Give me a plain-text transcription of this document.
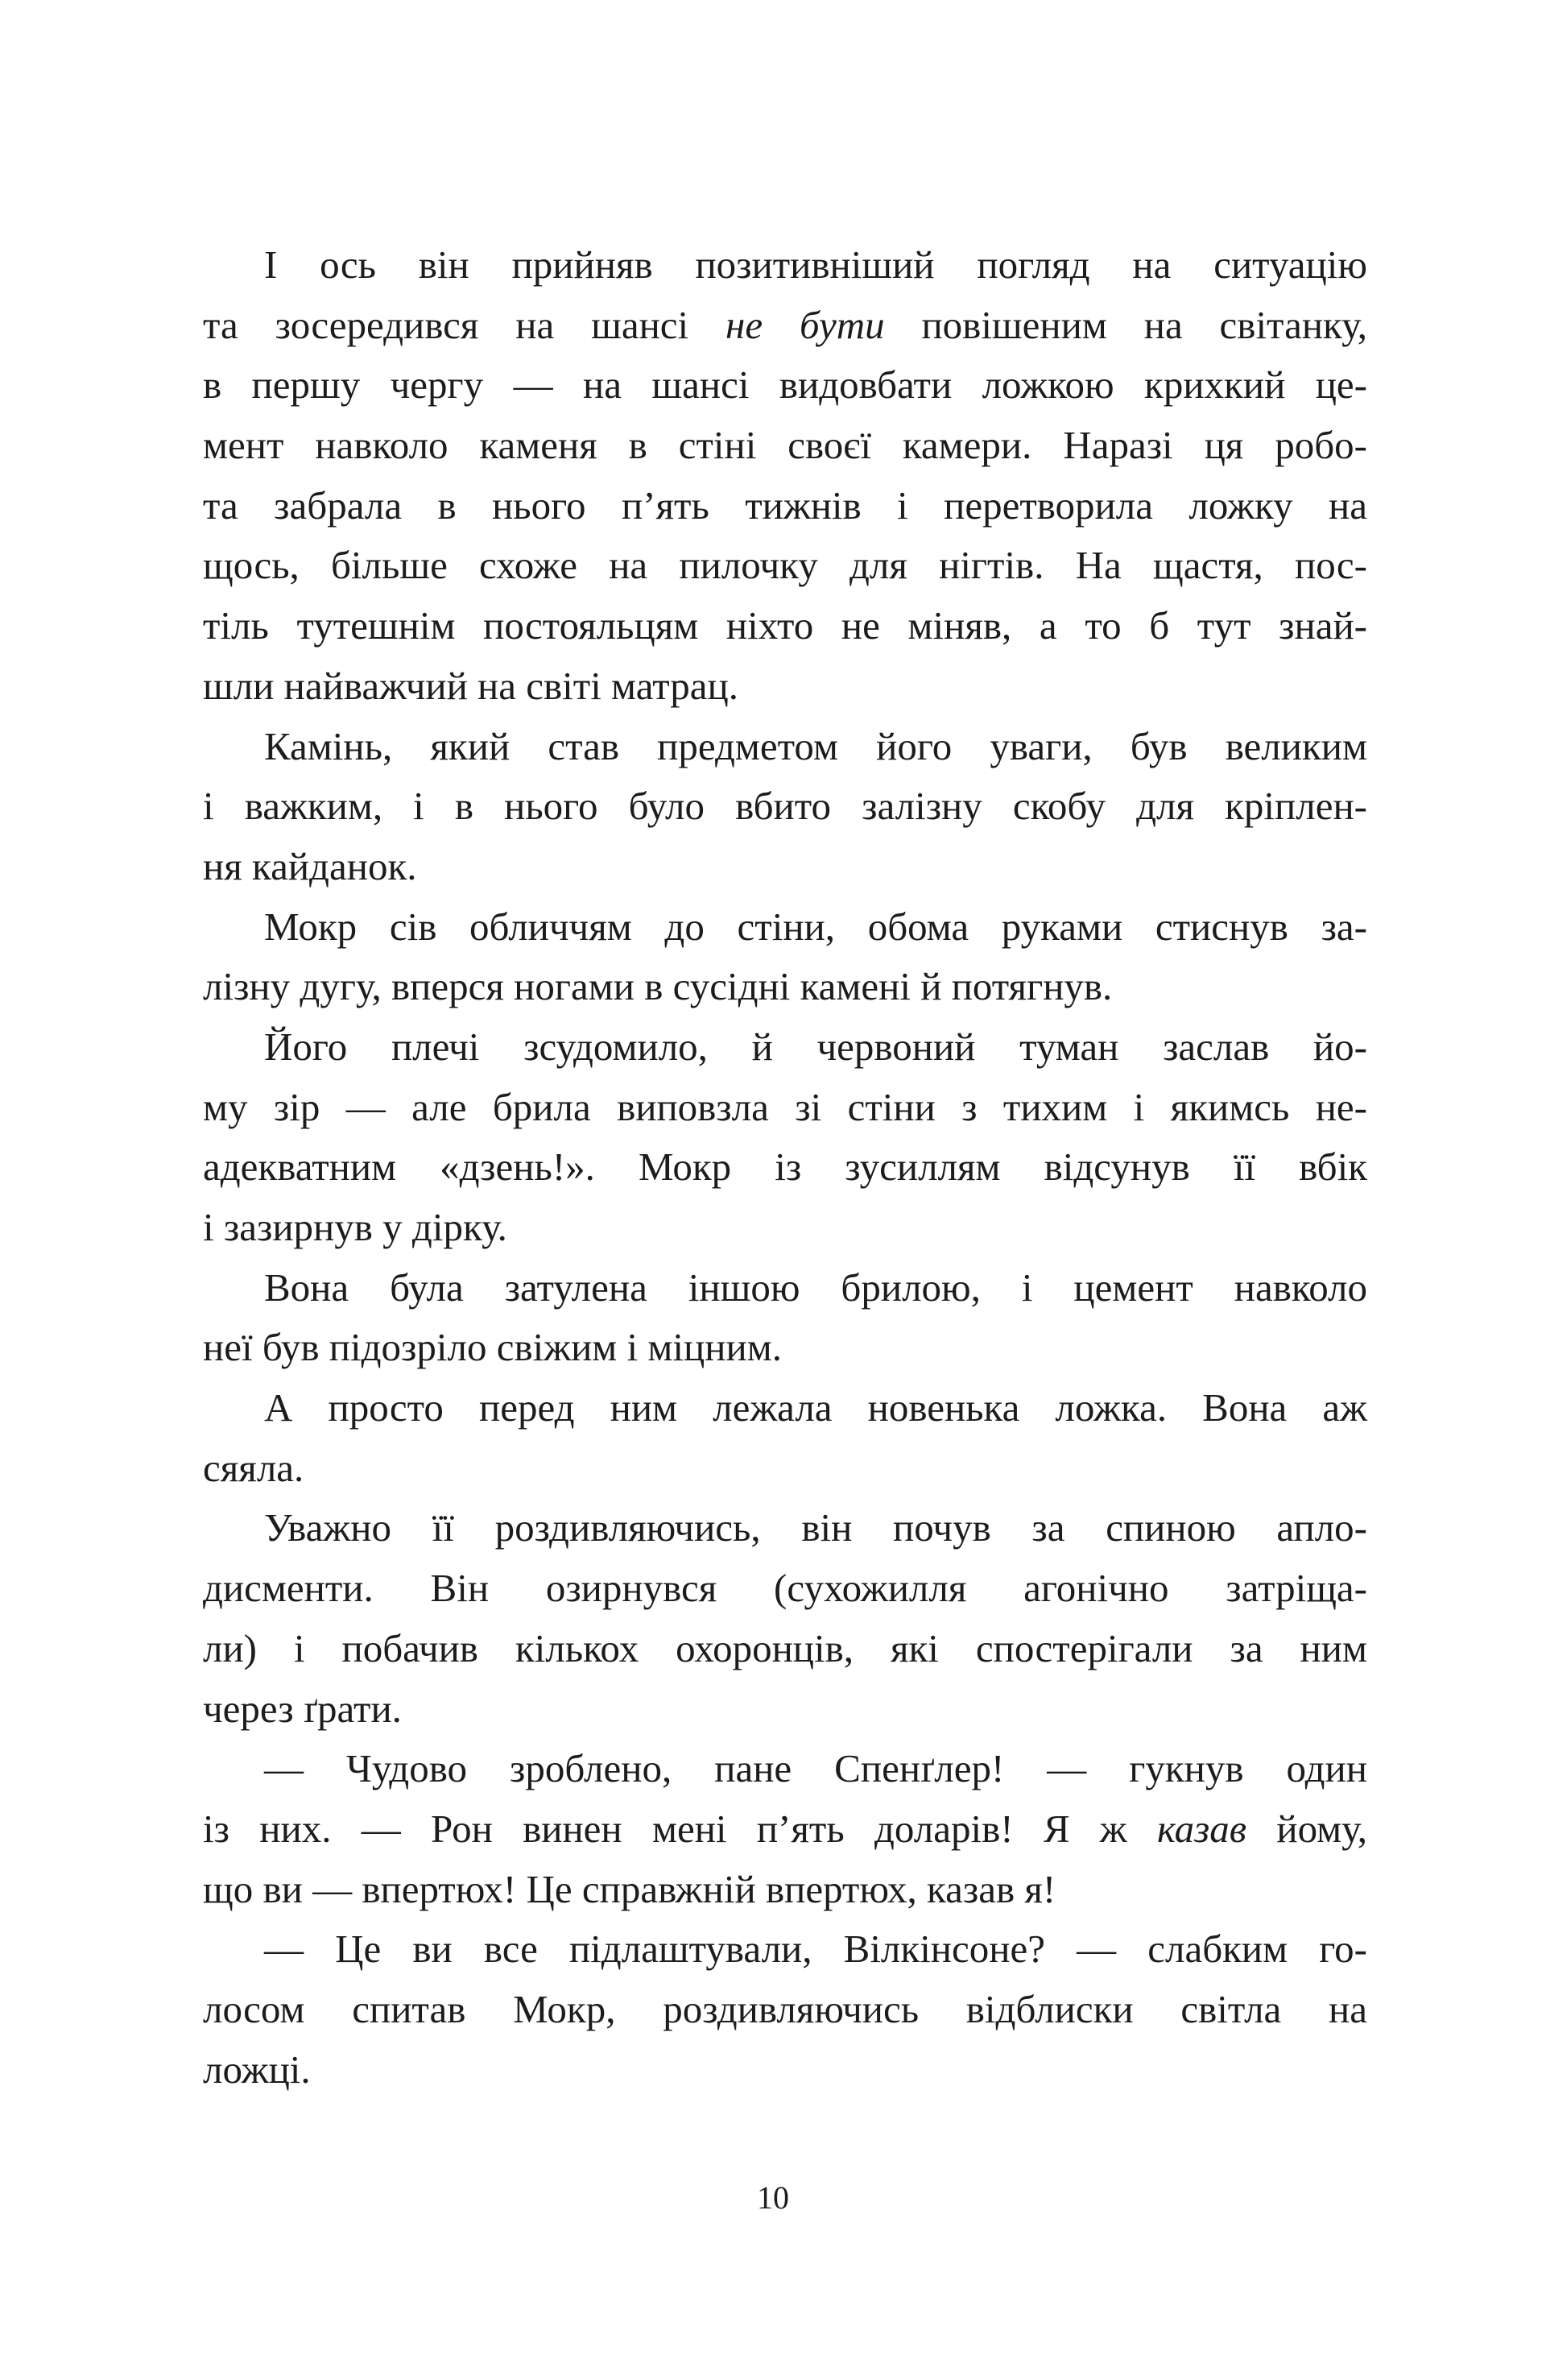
І ось він прийняв позитивніший погляд на ситуацію
та зосередився на шансі не бути повішеним на світанку,
в першу чергу — на шансі видовбати ложкою крихкий це-
мент навколо каменя в стіні своєї камери. Наразі ця робо-
та забрала в нього п’ять тижнів і перетворила ложку на
щось, більше схоже на пилочку для нігтів. На щастя, пос-
тіль тутешнім постояльцям ніхто не міняв, а то б тут знай-
шли найважчий на світі матрац.
Камінь, який став предметом його уваги, був великим
і важким, і в нього було вбито залізну скобу для кріплен-
ня кайданок.
Мокр сів обличчям до стіни, обома руками стиснув за-
лізну дугу, вперся ногами в сусідні камені й потягнув.
Його плечі зсудомило, й червоний туман заслав йо-
му зір — але брила виповзла зі стіни з тихим і якимсь не-
адекватним «дзень!». Мокр із зусиллям відсунув її вбік
і зазирнув у дірку.
Вона була затулена іншою брилою, і цемент навколо
неї був підозріло свіжим і міцним.
А просто перед ним лежала новенька ложка. Вона аж
сяяла.
Уважно її роздивляючись, він почув за спиною апло-
дисменти. Він озирнувся (сухожилля агонічно затріща-
ли) і побачив кількох охоронців, які спостерігали за ним
через ґрати.
— Чудово зроблено, пане Спенґлер! — гукнув один
із них. — Рон винен мені п’ять доларів! Я ж казав йому,
що ви — впертюх! Це справжній впертюх, казав я!
— Це ви все підлаштували, Вілкінсоне? — слабким го-
лосом спитав Мокр, роздивляючись відблиски світла на
ложці.
10
